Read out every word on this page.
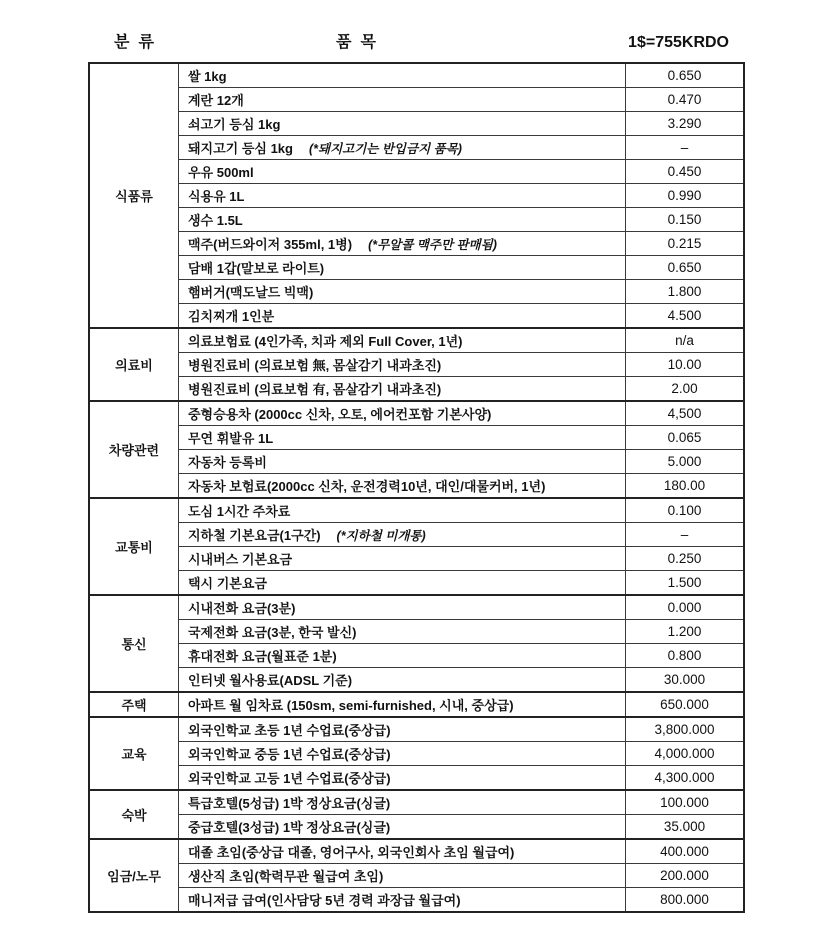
분류	품목	1$=755KRDO
식품류	쌀 1kg	0.650
	계란 12개	0.470
	쇠고기 등심 1kg	3.290
	돼지고기 등심 1kg (*돼지고기는 반입금지 품목)	–
	우유 500ml	0.450
	식용유 1L	0.990
	생수 1.5L	0.150
	맥주(버드와이저 355ml, 1병) (*무알콜 맥주만 판매됨)	0.215
	담배 1갑(말보로 라이트)	0.650
	햄버거(맥도날드 빅맥)	1.800
	김치찌개 1인분	4.500
의료비	의료보험료 (4인가족, 치과 제외 Full Cover, 1년)	n/a
	병원진료비 (의료보험 無, 몸살감기 내과초진)	10.00
	병원진료비 (의료보험 有, 몸살감기 내과초진)	2.00
차량관련	중형승용차 (2000cc 신차, 오토, 에어컨포함 기본사양)	4,500
	무연 휘발유 1L	0.065
	자동차 등록비	5.000
	자동차 보험료(2000cc 신차, 운전경력10년, 대인/대물커버, 1년)	180.00
교통비	도심 1시간 주차료	0.100
	지하철 기본요금(1구간) (*지하철 미개통)	–
	시내버스 기본요금	0.250
	택시 기본요금	1.500
통신	시내전화 요금(3분)	0.000
	국제전화 요금(3분, 한국 발신)	1.200
	휴대전화 요금(월표준 1분)	0.800
	인터넷 월사용료(ADSL 기준)	30.000
주택	아파트 월 임차료 (150sm, semi-furnished, 시내, 중상급)	650.000
교육	외국인학교 초등 1년 수업료(중상급)	3,800.000
	외국인학교 중등 1년 수업료(중상급)	4,000.000
	외국인학교 고등 1년 수업료(중상급)	4,300.000
숙박	특급호텔(5성급) 1박 정상요금(싱글)	100.000
	중급호텔(3성급) 1박 정상요금(싱글)	35.000
임금/노무	대졸 초임(중상급 대졸, 영어구사, 외국인회사 초임 월급여)	400.000
	생산직 초임(학력무관 월급여 초임)	200.000
	매니저급 급여(인사담당 5년 경력 과장급 월급여)	800.000
